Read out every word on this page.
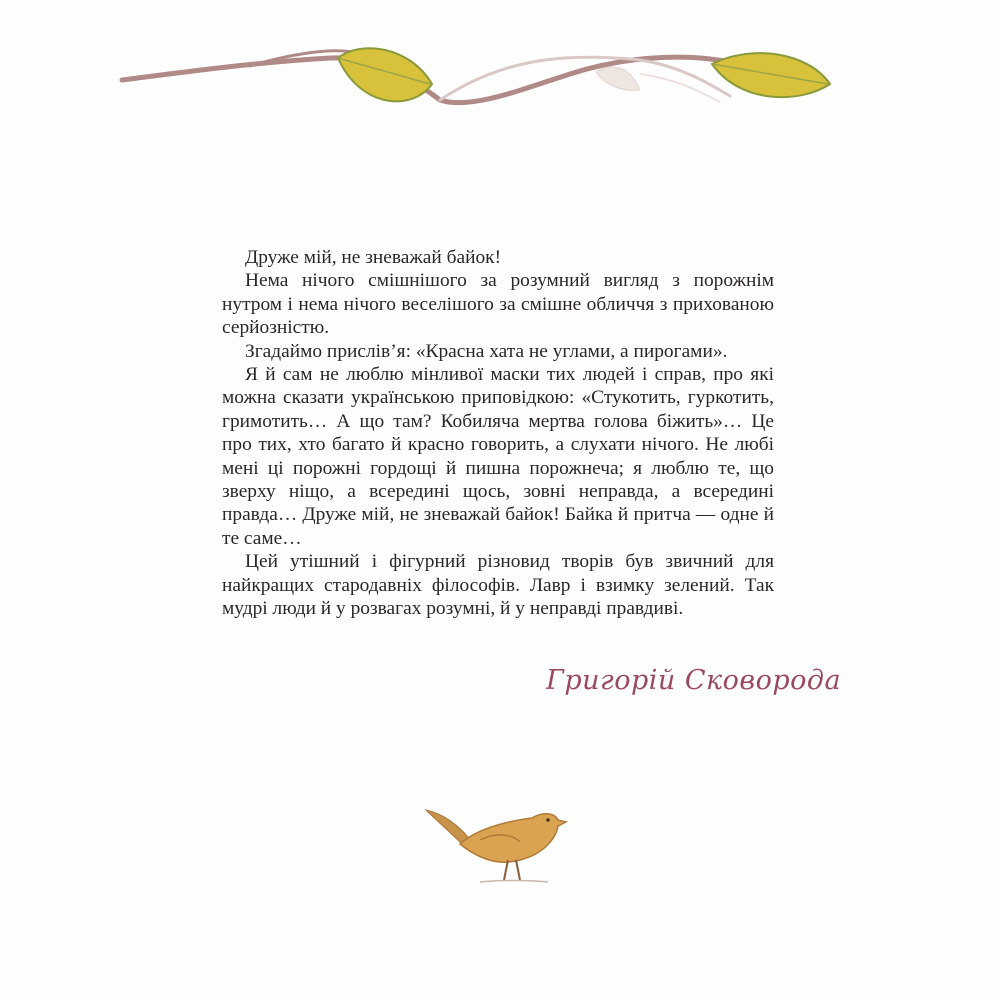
Друже мій, не зневажай байок!

Нема нічого смішнішого за розумний вигляд з порожнім нутром і нема нічого веселішого за смішне обличчя з прихованою серйозністю.

Згадаймо прислів’я: «Красна хата не углами, а пирогами».

Я й сам не люблю мінливої маски тих людей і справ, про які можна сказати українською приповідкою: «Стукотить, гуркотить, гримотить… А що там? Кобиляча мертва голова біжить»… Це про тих, хто багато й красно говорить, а слухати нічого. Не любі мені ці порожні гордощі й пишна порожнеча; я люблю те, що зверху ніщо, а всередині щось, зовні неправда, а всередині правда… Друже мій, не зневажай байок! Байка й притча — одне й те саме…

Цей утішний і фігурний різновид творів був звичний для найкращих стародавніх філософів. Лавр і взимку зелений. Так мудрі люди й у розвагах розумні, й у неправді правдиві.

Григорій Сковорода
